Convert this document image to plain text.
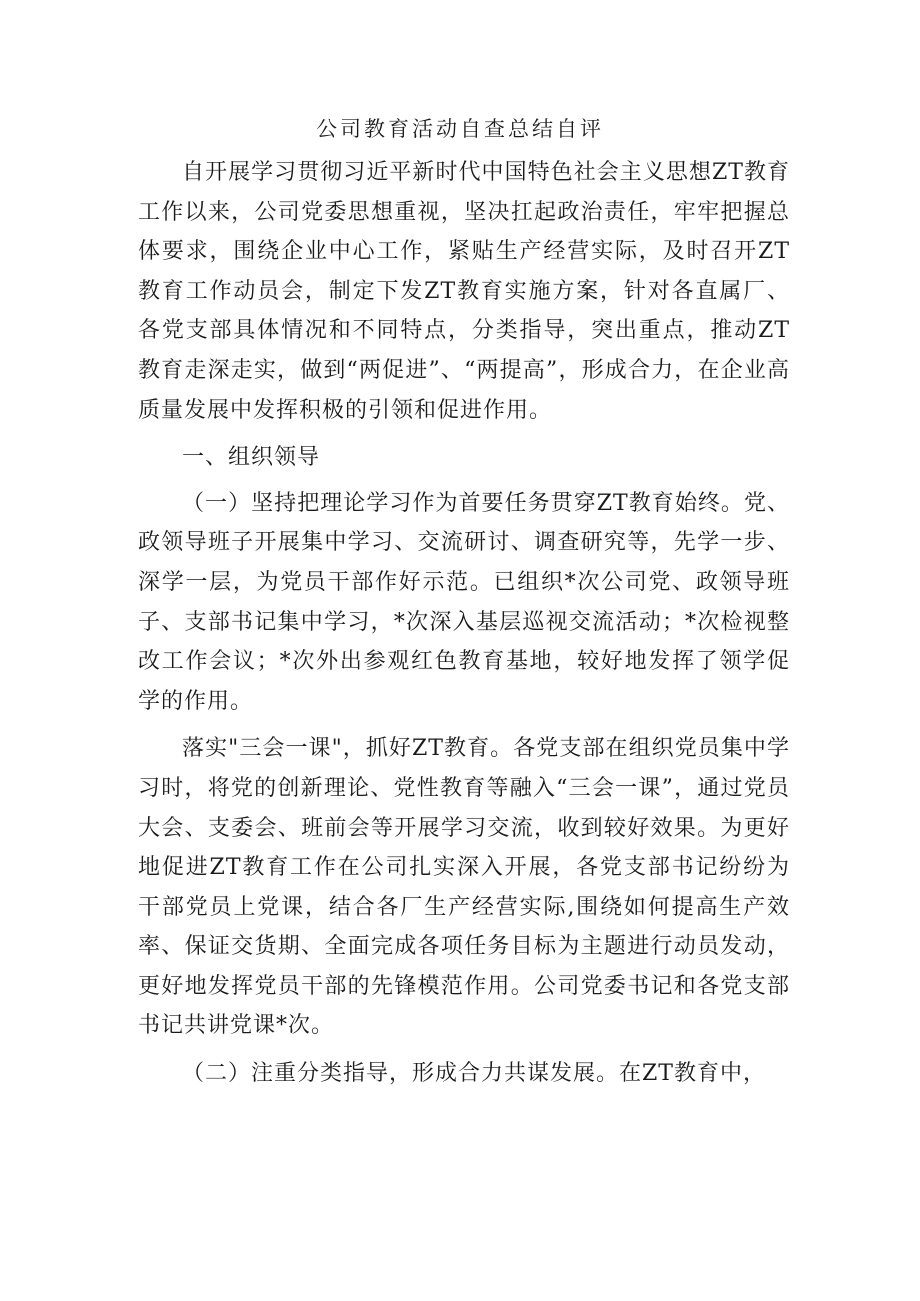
公司教育活动自查总结自评

自开展学习贯彻习近平新时代中国特色社会主义思想ZT教育工作以来，公司党委思想重视，坚决扛起政治责任，牢牢把握总体要求，围绕企业中心工作，紧贴生产经营实际，及时召开ZT教育工作动员会，制定下发ZT教育实施方案，针对各直属厂、各党支部具体情况和不同特点，分类指导，突出重点，推动ZT教育走深走实，做到“两促进”、“两提高”，形成合力，在企业高质量发展中发挥积极的引领和促进作用。

一、组织领导

（一）坚持把理论学习作为首要任务贯穿ZT教育始终。党、政领导班子开展集中学习、交流研讨、调查研究等，先学一步、深学一层，为党员干部作好示范。已组织*次公司党、政领导班子、支部书记集中学习，*次深入基层巡视交流活动；*次检视整改工作会议；*次外出参观红色教育基地，较好地发挥了领学促学的作用。

落实"三会一课"，抓好ZT教育。各党支部在组织党员集中学习时，将党的创新理论、党性教育等融入“三会一课”，通过党员大会、支委会、班前会等开展学习交流，收到较好效果。为更好地促进ZT教育工作在公司扎实深入开展，各党支部书记纷纷为干部党员上党课，结合各厂生产经营实际,围绕如何提高生产效率、保证交货期、全面完成各项任务目标为主题进行动员发动，更好地发挥党员干部的先锋模范作用。公司党委书记和各党支部书记共讲党课*次。

（二）注重分类指导，形成合力共谋发展。在ZT教育中，
